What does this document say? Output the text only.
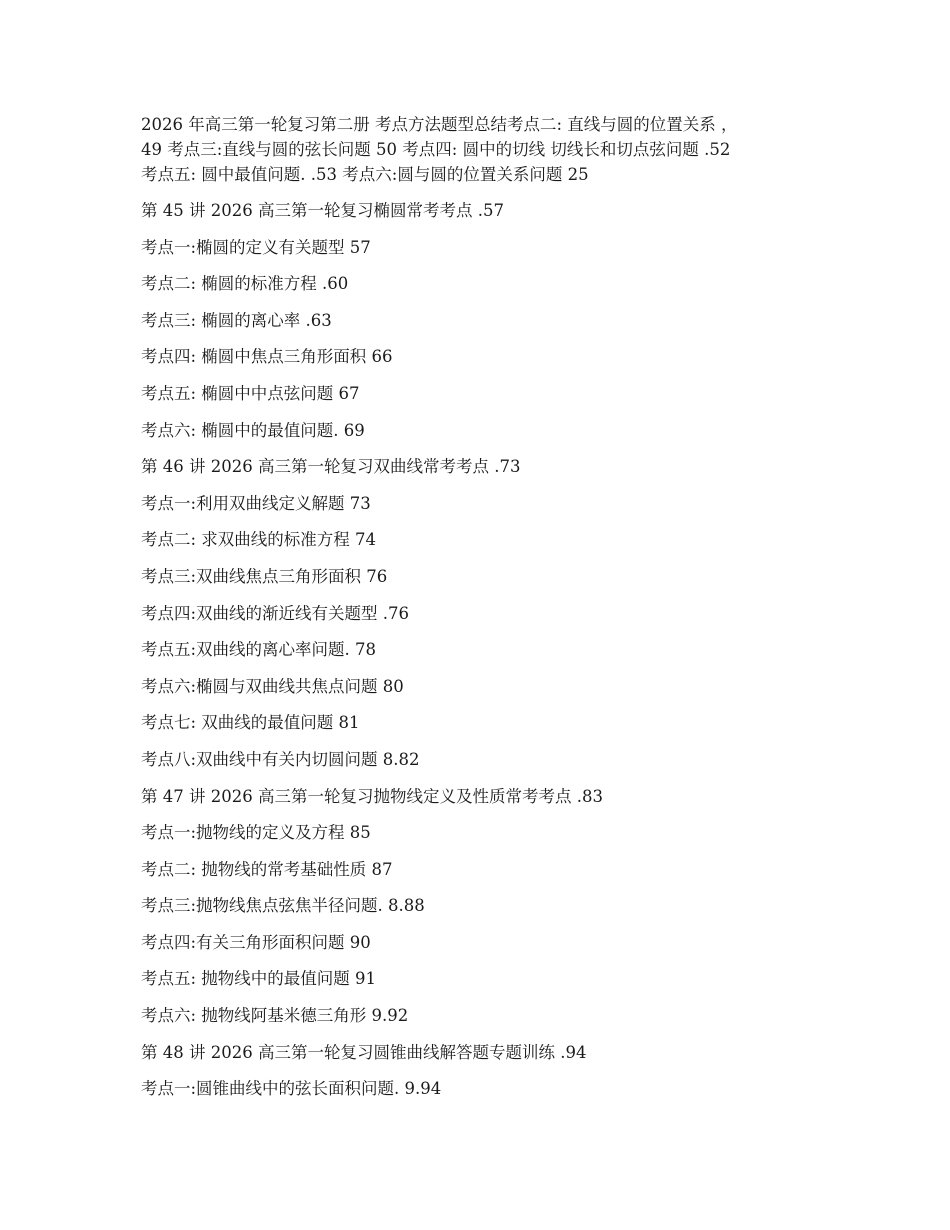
2026 年高三第一轮复习第二册 考点方法题型总结考点二: 直线与圆的位置关系 ，

49 考点三:直线与圆的弦长问题 50 考点四: 圆中的切线 切线长和切点弦问题 .52

考点五: 圆中最值问题. .53 考点六:圆与圆的位置关系问题 25

第 45 讲 2026 高三第一轮复习椭圆常考考点 .57
考点一:椭圆的定义有关题型 57
考点二: 椭圆的标准方程 .60
考点三: 椭圆的离心率 .63
考点四: 椭圆中焦点三角形面积 66
考点五: 椭圆中中点弦问题 67
考点六: 椭圆中的最值问题. 69
第 46 讲 2026 高三第一轮复习双曲线常考考点 .73
考点一:利用双曲线定义解题 73
考点二: 求双曲线的标准方程 74
考点三:双曲线焦点三角形面积 76
考点四:双曲线的渐近线有关题型 .76
考点五:双曲线的离心率问题. 78
考点六:椭圆与双曲线共焦点问题 80
考点七: 双曲线的最值问题 81
考点八:双曲线中有关内切圆问题 8.82
第 47 讲 2026 高三第一轮复习抛物线定义及性质常考考点 .83
考点一:抛物线的定义及方程 85
考点二: 抛物线的常考基础性质 87
考点三:抛物线焦点弦焦半径问题. 8.88
考点四:有关三角形面积问题 90
考点五: 抛物线中的最值问题 91
考点六: 抛物线阿基米德三角形 9.92
第 48 讲 2026 高三第一轮复习圆锥曲线解答题专题训练 .94
考点一:圆锥曲线中的弦长面积问题. 9.94
